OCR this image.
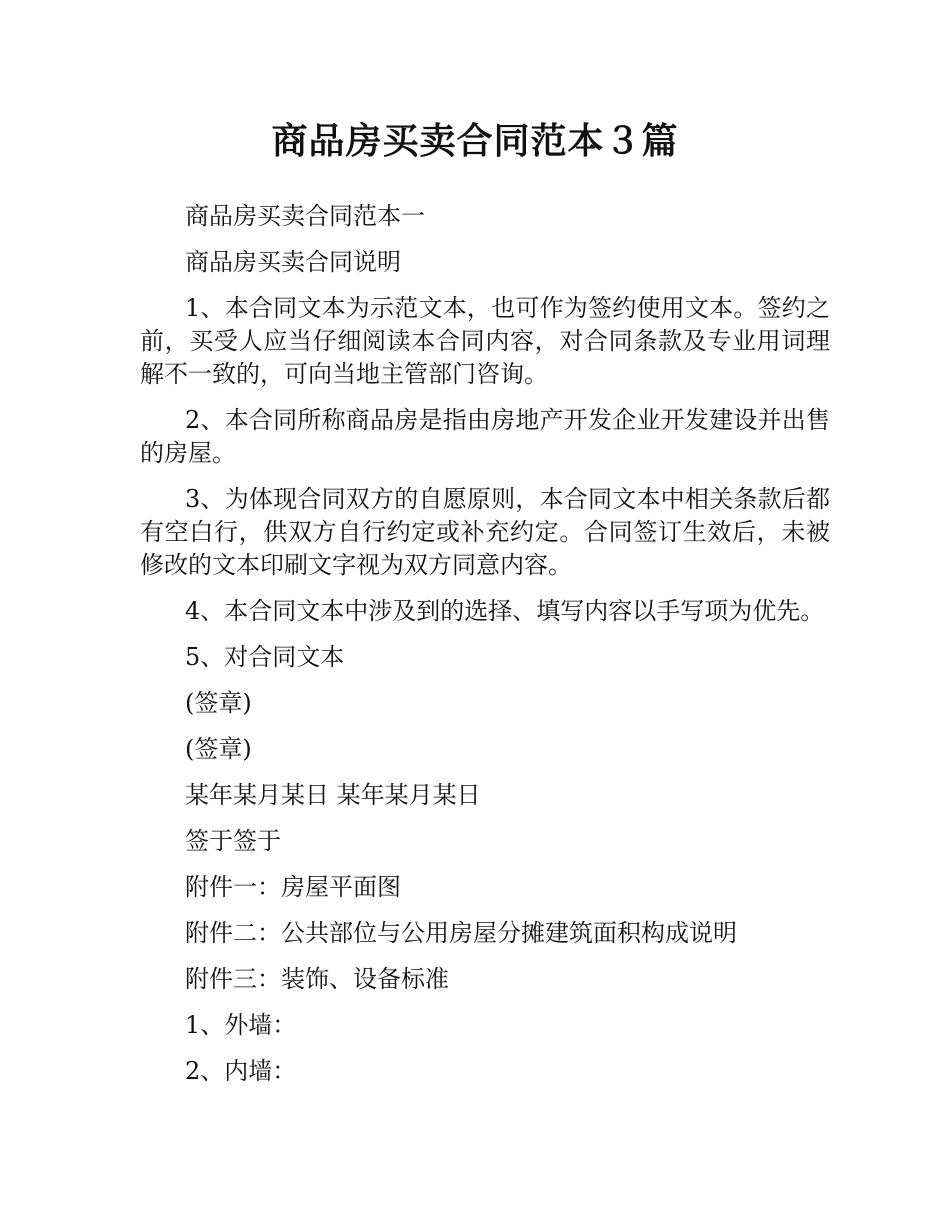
商品房买卖合同范本３篇

商品房买卖合同范本一

商品房买卖合同说明

1、本合同文本为示范文本，也可作为签约使用文本。签约之前，买受人应当仔细阅读本合同内容，对合同条款及专业用词理解不一致的，可向当地主管部门咨询。

2、本合同所称商品房是指由房地产开发企业开发建设并出售的房屋。

3、为体现合同双方的自愿原则，本合同文本中相关条款后都有空白行，供双方自行约定或补充约定。合同签订生效后，未被修改的文本印刷文字视为双方同意内容。

4、本合同文本中涉及到的选择、填写内容以手写项为优先。

5、对合同文本

(签章)

(签章)

某年某月某日 某年某月某日

签于签于

附件一：房屋平面图

附件二：公共部位与公用房屋分摊建筑面积构成说明

附件三：装饰、设备标准

1、外墙：

2、内墙：
